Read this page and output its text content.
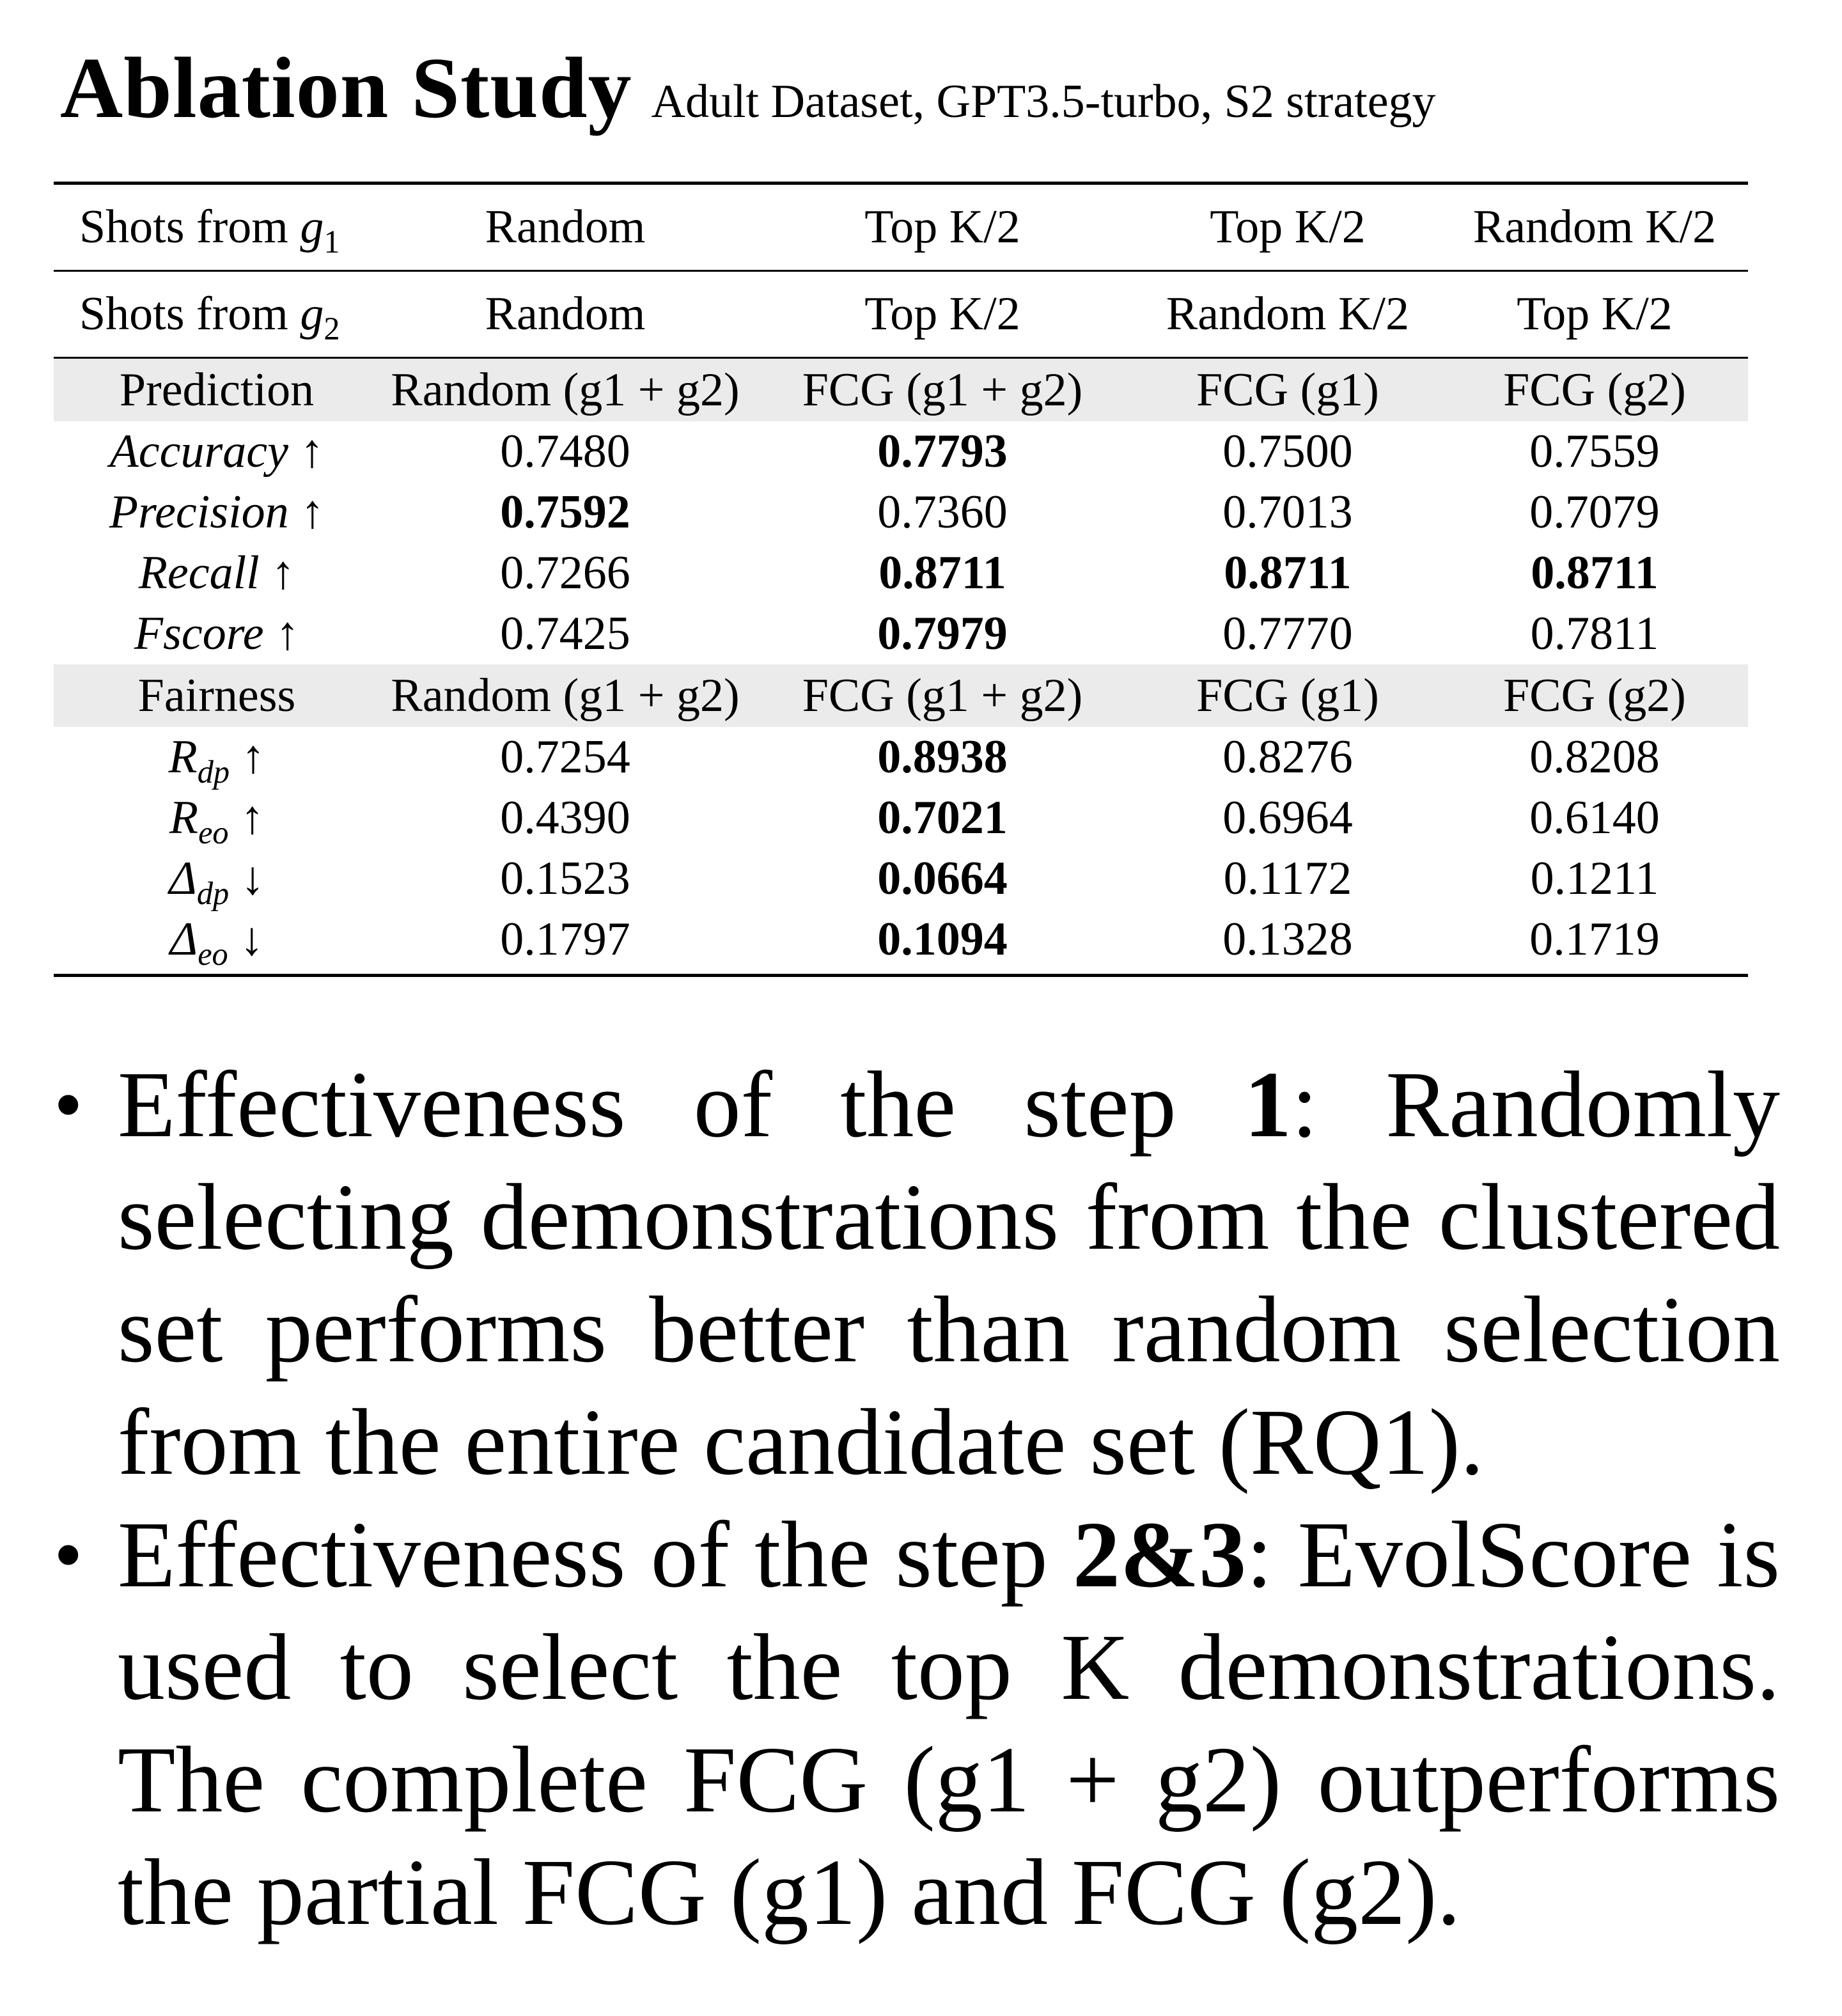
Ablation Study Adult Dataset, GPT3.5-turbo, S2 strategy
Shots from $g_1$	Random	Top K/2	Top K/2	Random K/2
Shots from $g_2$	Random	Top K/2	Random K/2	Top K/2
Prediction	Random (g1 + g2)	FCG (g1 + g2)	FCG (g1)	FCG (g2)
Accuracy ↑	0.7480	0.7793	0.7500	0.7559
Precision ↑	0.7592	0.7360	0.7013	0.7079
Recall ↑	0.7266	0.8711	0.8711	0.8711
Fscore ↑	0.7425	0.7979	0.7770	0.7811
Fairness	Random (g1 + g2)	FCG (g1 + g2)	FCG (g1)	FCG (g2)
$R_{dp}$ ↑	0.7254	0.8938	0.8276	0.8208
$R_{eo}$ ↑	0.4390	0.7021	0.6964	0.6140
$\Delta_{dp}$ ↓	0.1523	0.0664	0.1172	0.1211
$\Delta_{eo}$ ↓	0.1797	0.1094	0.1328	0.1719
• Effectiveness of the step 1: Randomly selecting demonstrations from the clustered set performs better than random selection from the entire candidate set (RQ1).
• Effectiveness of the step 2&3: EvolScore is used to select the top K demonstrations. The complete FCG (g1 + g2) outperforms the partial FCG (g1) and FCG (g2).
